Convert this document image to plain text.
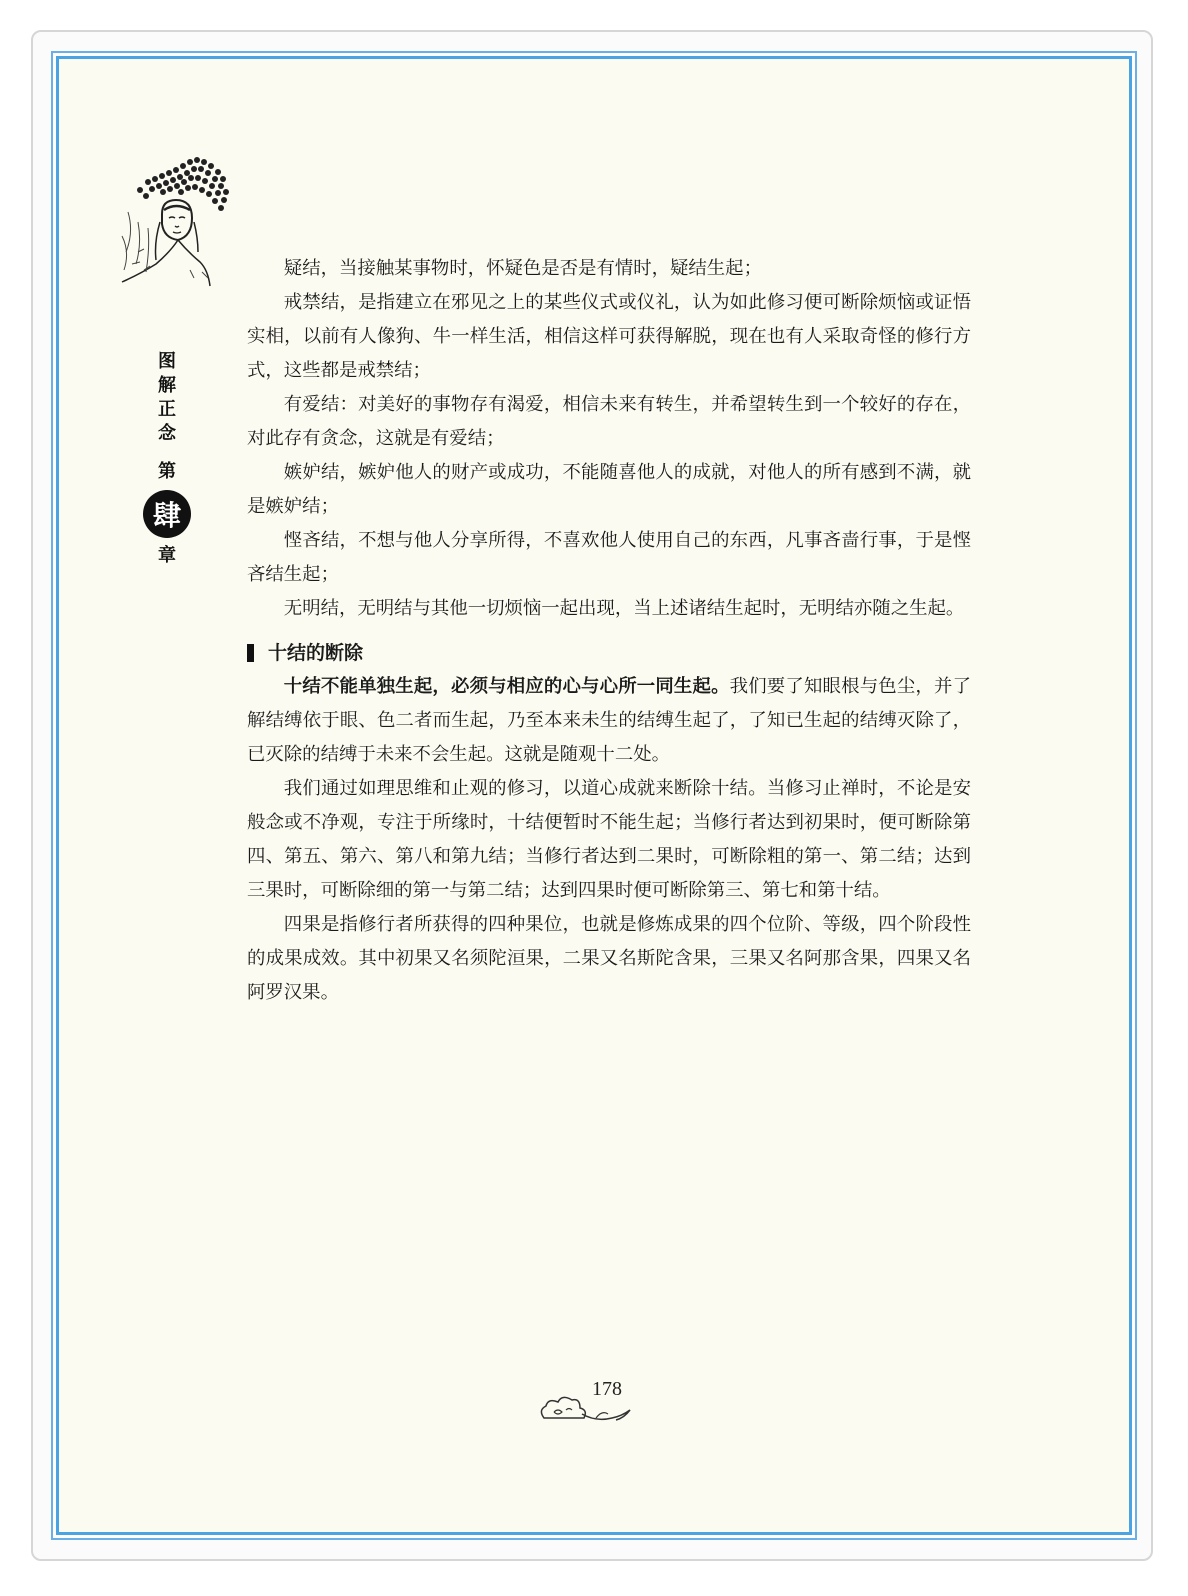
图
解
正
念
第
肆
章

疑结，当接触某事物时，怀疑色是否是有情时，疑结生起；

戒禁结，是指建立在邪见之上的某些仪式或仪礼，认为如此修习便可断除烦恼或证悟实相，以前有人像狗、牛一样生活，相信这样可获得解脱，现在也有人采取奇怪的修行方式，这些都是戒禁结；

有爱结：对美好的事物存有渴爱，相信未来有转生，并希望转生到一个较好的存在，对此存有贪念，这就是有爱结；

嫉妒结，嫉妒他人的财产或成功，不能随喜他人的成就，对他人的所有感到不满，就是嫉妒结；

悭吝结，不想与他人分享所得，不喜欢他人使用自己的东西，凡事吝啬行事，于是悭吝结生起；

无明结，无明结与其他一切烦恼一起出现，当上述诸结生起时，无明结亦随之生起。

十结的断除

十结不能单独生起，必须与相应的心与心所一同生起。我们要了知眼根与色尘，并了解结缚依于眼、色二者而生起，乃至本来未生的结缚生起了，了知已生起的结缚灭除了，已灭除的结缚于未来不会生起。这就是随观十二处。

我们通过如理思维和止观的修习，以道心成就来断除十结。当修习止禅时，不论是安般念或不净观，专注于所缘时，十结便暂时不能生起；当修行者达到初果时，便可断除第四、第五、第六、第八和第九结；当修行者达到二果时，可断除粗的第一、第二结；达到三果时，可断除细的第一与第二结；达到四果时便可断除第三、第七和第十结。

四果是指修行者所获得的四种果位，也就是修炼成果的四个位阶、等级，四个阶段性的成果成效。其中初果又名须陀洹果，二果又名斯陀含果，三果又名阿那含果，四果又名阿罗汉果。

178
